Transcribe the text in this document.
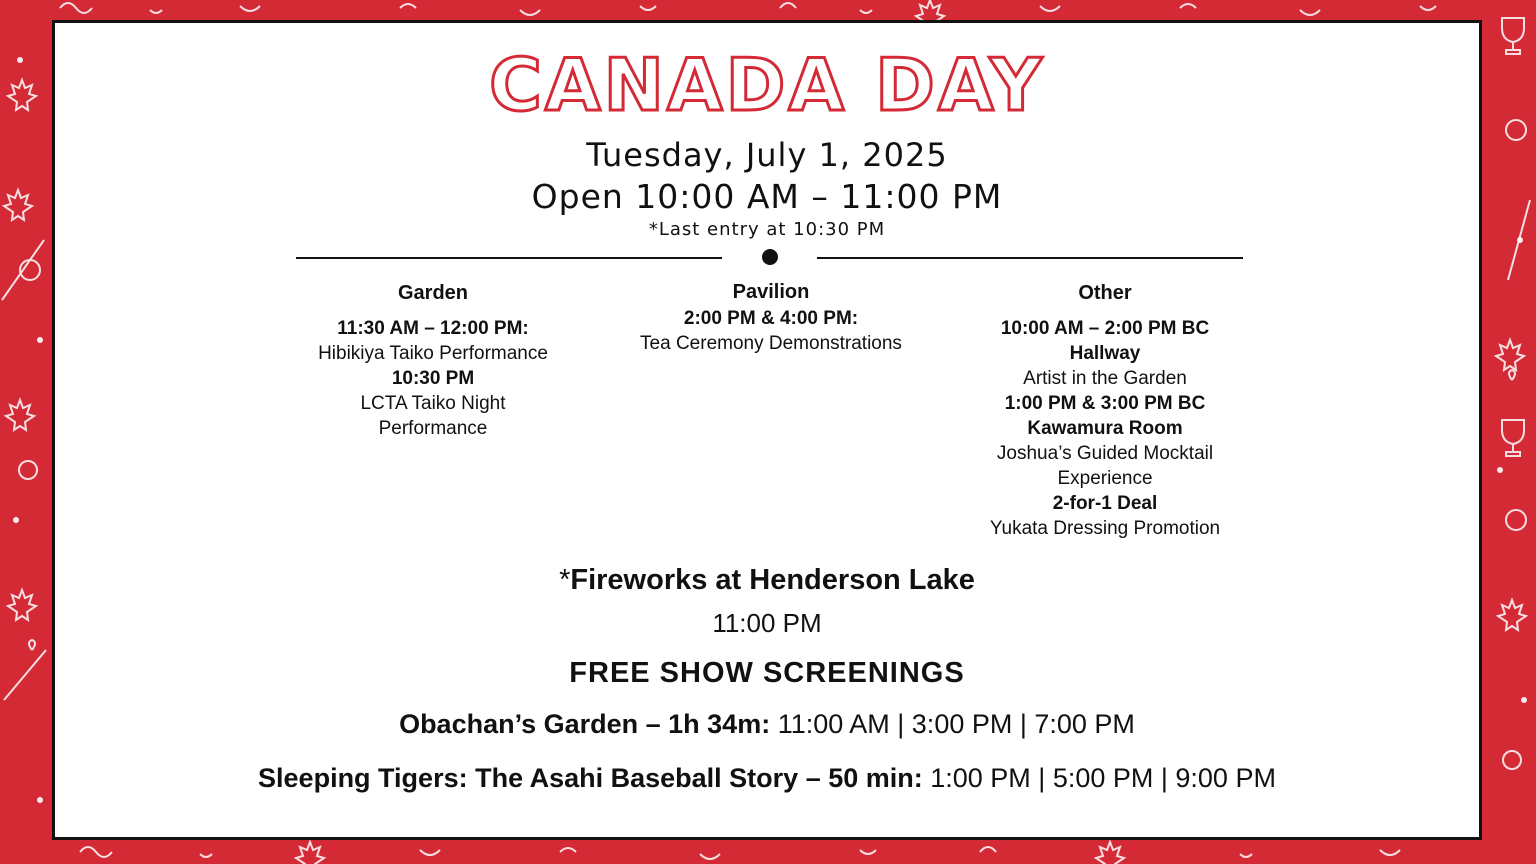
CANADA DAY
Tuesday, July 1, 2025
Open 10:00 AM – 11:00 PM
*Last entry at 10:30 PM
Garden
11:30 AM – 12:00 PM:
Hibikiya Taiko Performance
10:30 PM
LCTA Taiko Night
Performance
Pavilion
2:00 PM & 4:00 PM:
Tea Ceremony Demonstrations
Other
10:00 AM – 2:00 PM BC
Hallway
Artist in the Garden
1:00 PM & 3:00 PM BC
Kawamura Room
Joshua’s Guided Mocktail
Experience
2-for-1 Deal
Yukata Dressing Promotion
*Fireworks at Henderson Lake
11:00 PM
FREE SHOW SCREENINGS
Obachan’s Garden – 1h 34m: 11:00 AM | 3:00 PM | 7:00 PM
Sleeping Tigers: The Asahi Baseball Story – 50 min: 1:00 PM | 5:00 PM | 9:00 PM
